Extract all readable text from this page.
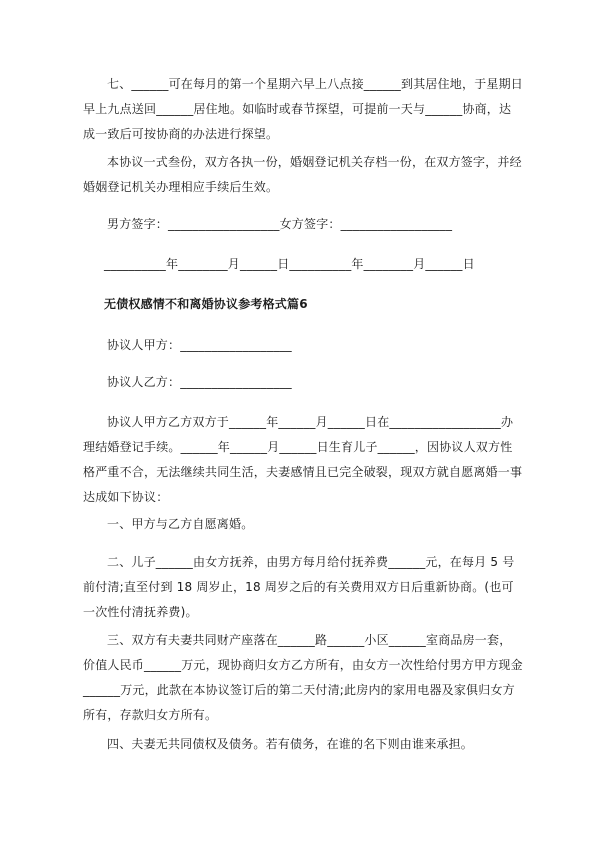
七、______可在每月的第一个星期六早上八点接______到其居住地，于星期日早上九点送回______居住地。如临时或春节探望，可提前一天与______协商，达成一致后可按协商的办法进行探望。

本协议一式叁份，双方各执一份，婚姻登记机关存档一份，在双方签字，并经婚姻登记机关办理相应手续后生效。

男方签字：__________________女方签字：__________________

__________年________月______日__________年________月______日

无债权感情不和离婚协议参考格式篇6

协议人甲方：__________________

协议人乙方：__________________

协议人甲方乙方双方于______年______月______日在__________________办理结婚登记手续。______年______月______日生育儿子______，因协议人双方性格严重不合，无法继续共同生活，夫妻感情且已完全破裂，现双方就自愿离婚一事达成如下协议：

一、甲方与乙方自愿离婚。

二、儿子______由女方抚养，由男方每月给付抚养费______元，在每月 5 号前付清;直至付到 18 周岁止，18 周岁之后的有关费用双方日后重新协商。(也可一次性付清抚养费)。

三、双方有夫妻共同财产座落在______路______小区______室商品房一套，价值人民币______万元，现协商归女方乙方所有，由女方一次性给付男方甲方现金______万元，此款在本协议签订后的第二天付清;此房内的家用电器及家俱归女方所有，存款归女方所有。

四、夫妻无共同债权及债务。若有债务，在谁的名下则由谁来承担。
